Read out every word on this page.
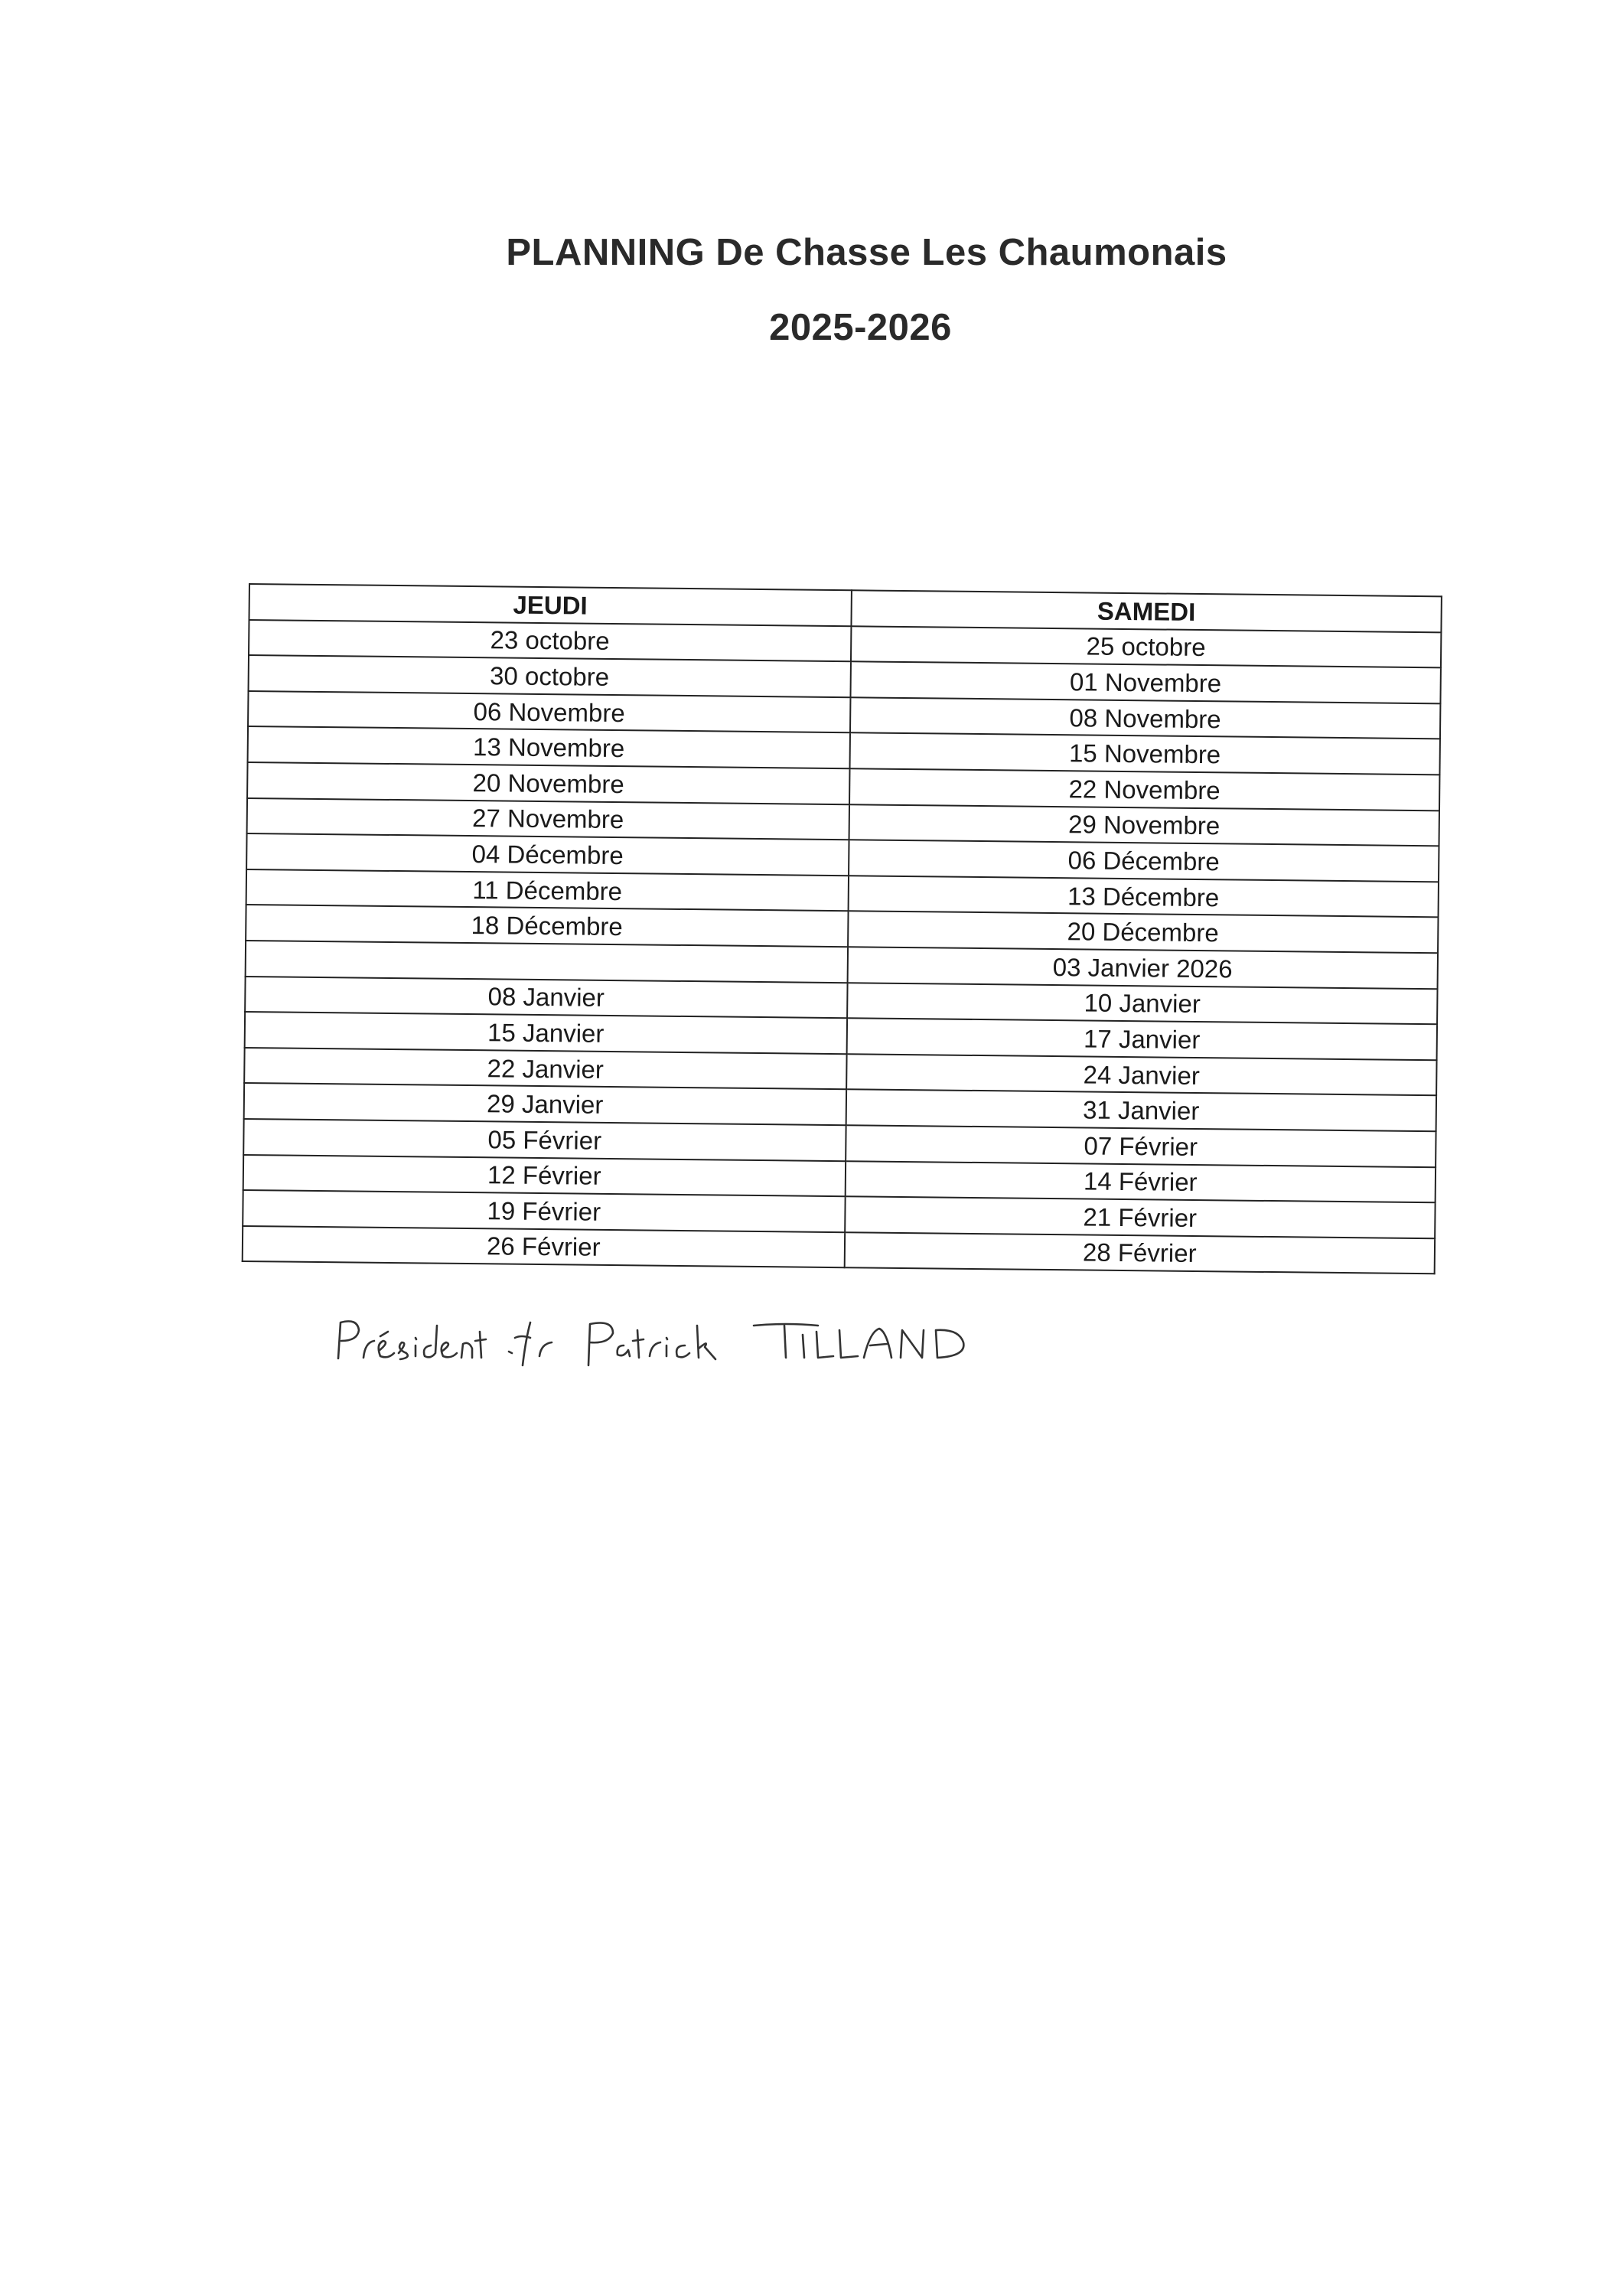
PLANNING De Chasse Les Chaumonais
2025-2026
JEUDI	SAMEDI
23 octobre	25 octobre
30 octobre	01 Novembre
06 Novembre	08 Novembre
13 Novembre	15 Novembre
20 Novembre	22 Novembre
27 Novembre	29 Novembre
04 Décembre	06 Décembre
11 Décembre	13 Décembre
18 Décembre	20 Décembre
	03 Janvier 2026
08 Janvier	10 Janvier
15 Janvier	17 Janvier
22 Janvier	24 Janvier
29 Janvier	31 Janvier
05 Février	07 Février
12 Février	14 Février
19 Février	21 Février
26 Février	28 Février
